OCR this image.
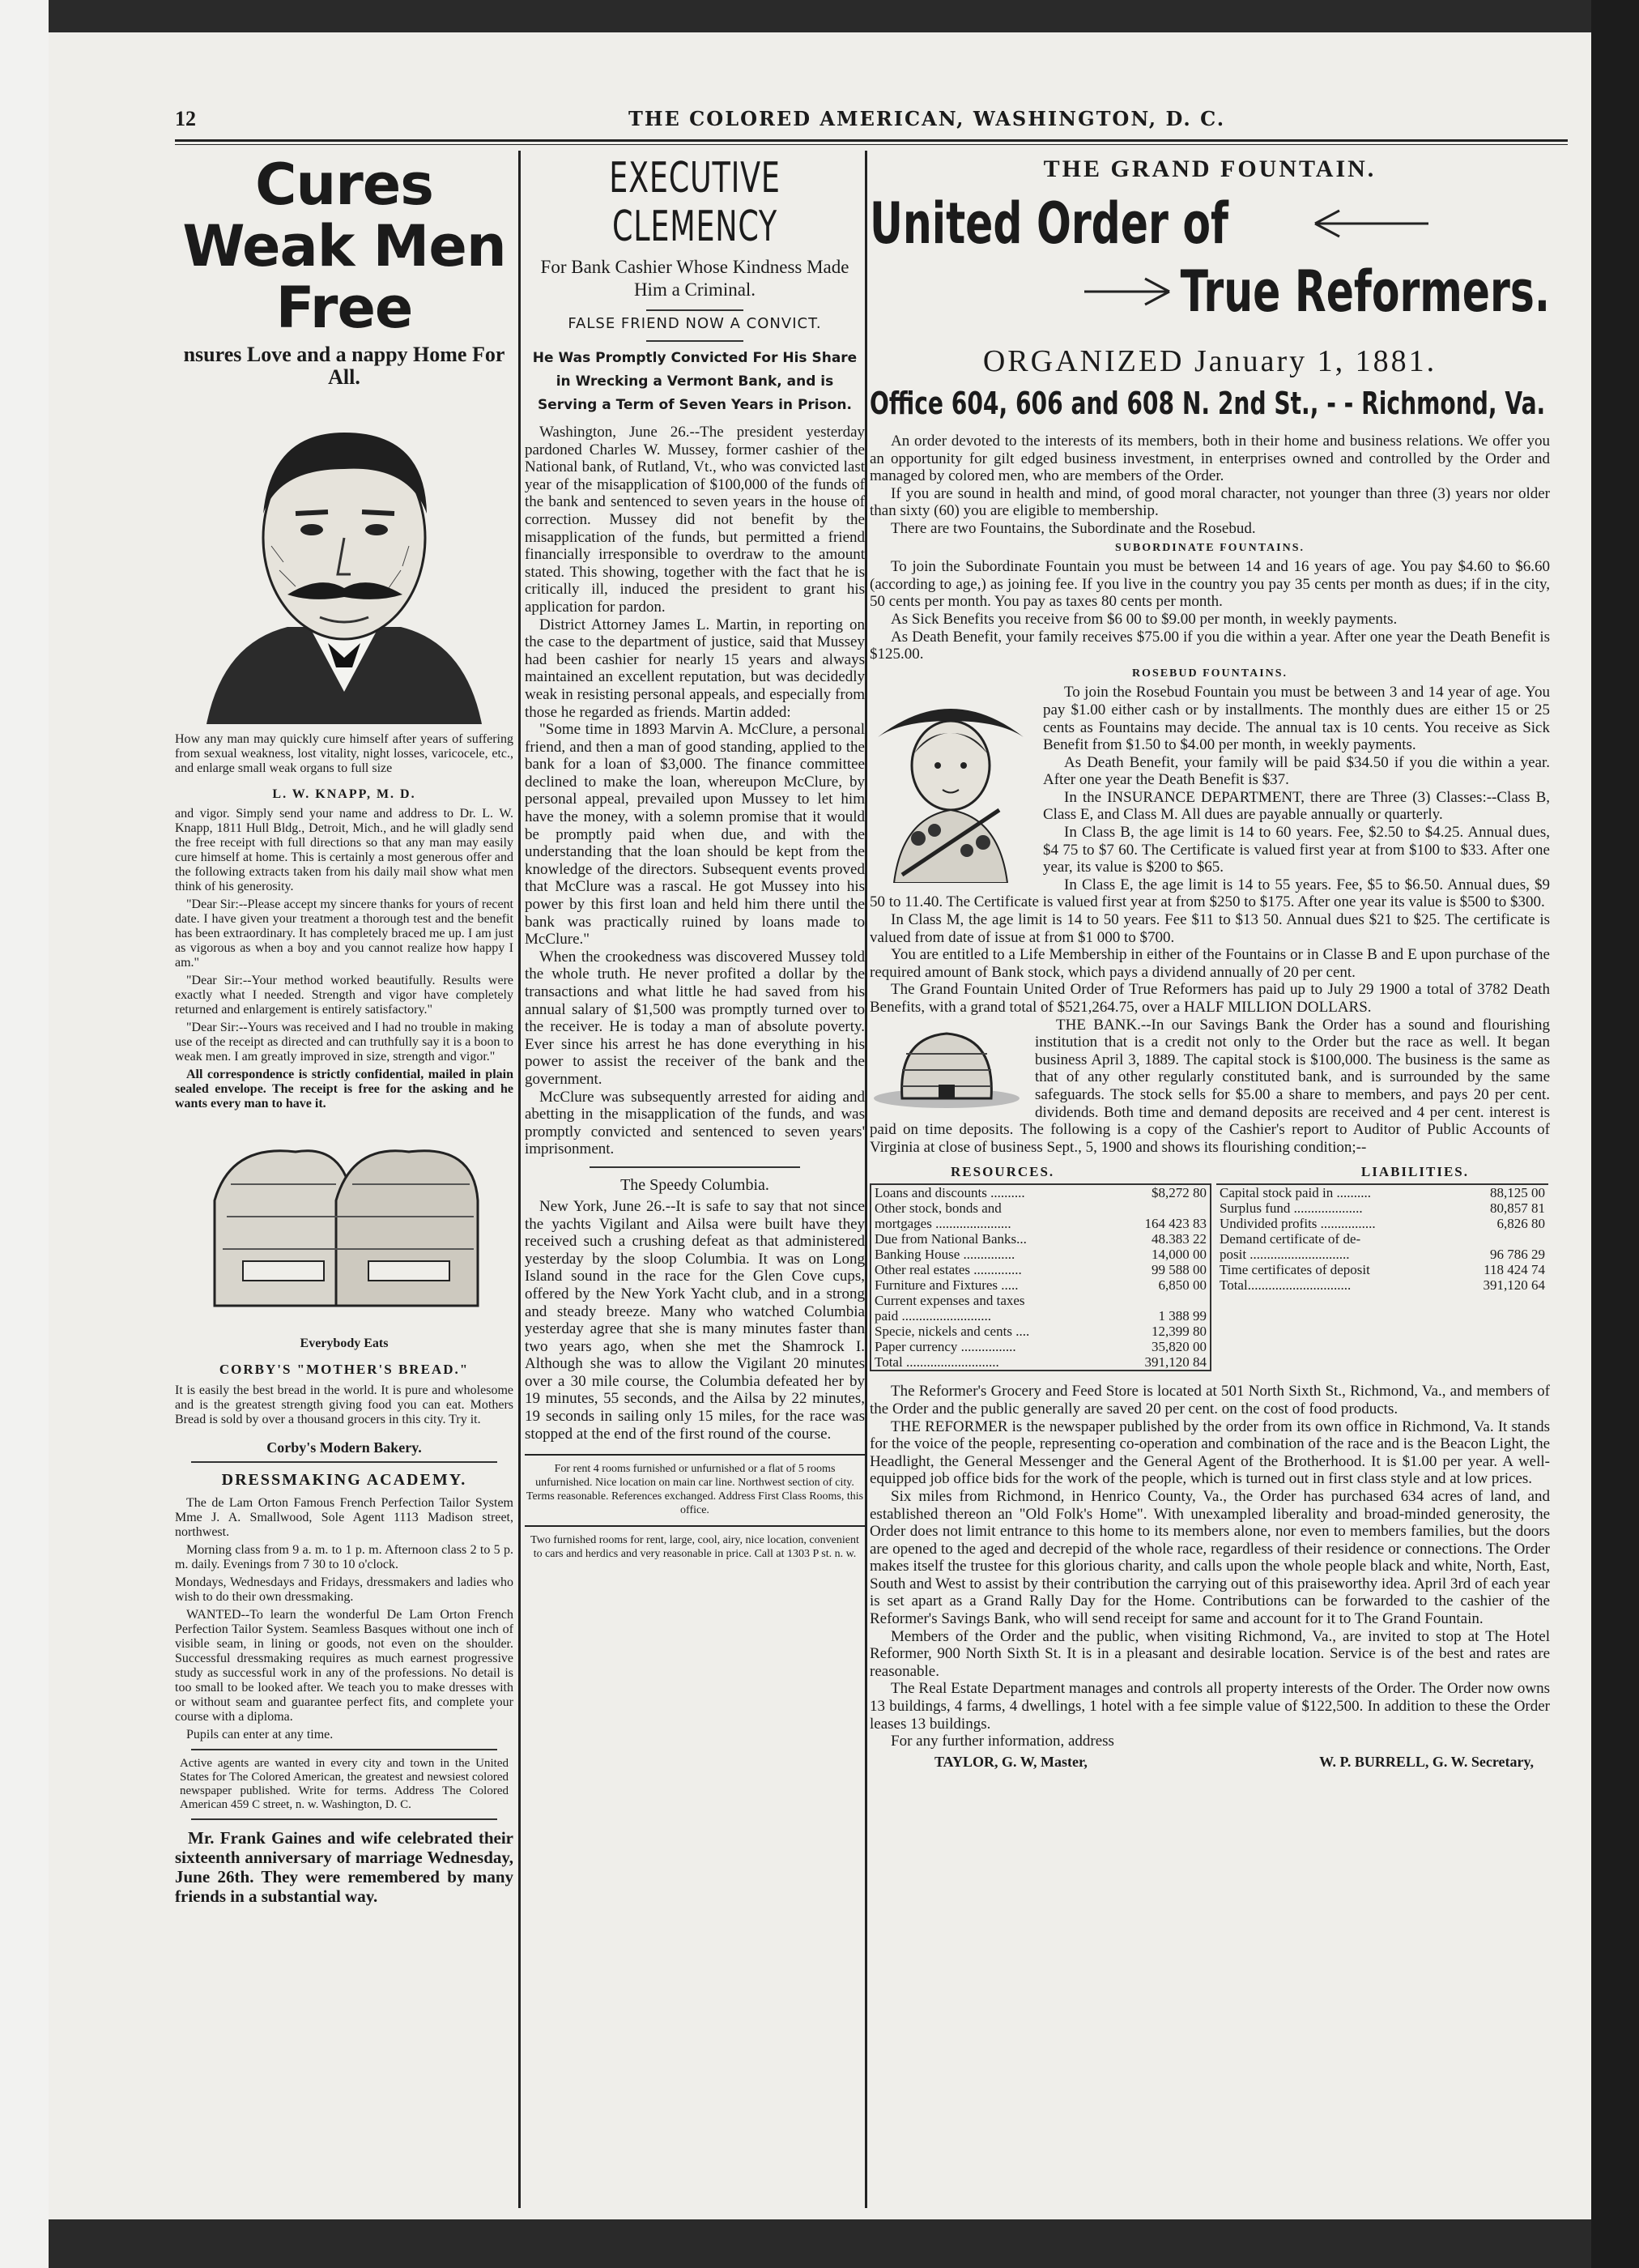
12	THE COLORED AMERICAN, WASHINGTON, D. C.
Cures
Weak Men
Free
nsures Love and a nappy Home For All.
How any man may quickly cure himself after years of suffering from sexual weakness, lost vitality, night losses, varicocele, etc., and enlarge small weak organs to full size
L. W. KNAPP, M. D.

and vigor. Simply send your name and address to Dr. L. W. Knapp, 1811 Hull Bldg., Detroit, Mich., and he will gladly send the free receipt with full directions so that any man may easily cure himself at home. This is certainly a most generous offer and the following extracts taken from his daily mail show what men think of his generosity.

"Dear Sir:--Please accept my sincere thanks for yours of recent date. I have given your treatment a thorough test and the benefit has been extraordinary. It has completely braced me up. I am just as vigorous as when a boy and you cannot realize how happy I am."

"Dear Sir:--Your method worked beautifully. Results were exactly what I needed. Strength and vigor have completely returned and enlargement is entirely satisfactory."

"Dear Sir:--Yours was received and I had no trouble in making use of the receipt as directed and can truthfully say it is a boon to weak men. I am greatly improved in size, strength and vigor."

All correspondence is strictly confidential, mailed in plain sealed envelope. The receipt is free for the asking and he wants every man to have it.

Everybody Eats
CORBY'S "MOTHER'S BREAD."
It is easily the best bread in the world. It is pure and wholesome and is the greatest strength giving food you can eat. Mothers Bread is sold by over a thousand grocers in this city. Try it.
Corby's Modern Bakery.
DRESSMAKING ACADEMY.

The de Lam Orton Famous French Perfection Tailor System Mme J. A. Smallwood, Sole Agent 1113 Madison street, northwest.

Morning class from 9 a. m. to 1 p. m. Afternoon class 2 to 5 p. m. daily. Evenings from 7 30 to 10 o'clock.

Mondays, Wednesdays and Fridays, dressmakers and ladies who wish to do their own dressmaking.

WANTED--To learn the wonderful De Lam Orton French Perfection Tailor System. Seamless Basques without one inch of visible seam, in lining or goods, not even on the shoulder. Successful dressmaking requires as much earnest progressive study as successful work in any of the professions. No detail is too small to be looked after. We teach you to make dresses with or without seam and guarantee perfect fits, and complete your course with a diploma.

Pupils can enter at any time.

Active agents are wanted in every city and town in the United States for The Colored American, the greatest and newsiest colored newspaper published. Write for terms. Address The Colored American 459 C street, n. w. Washington, D. C.
Mr. Frank Gaines and wife celebrated their sixteenth anniversary of marriage Wednesday, June 26th. They were remembered by many friends in a substantial way.
EXECUTIVE CLEMENCY
For Bank Cashier Whose Kindness Made Him a Criminal.
FALSE FRIEND NOW A CONVICT.
He Was Promptly Convicted For His Share in Wrecking a Vermont Bank, and is Serving a Term of Seven Years in Prison.

Washington, June 26.--The president yesterday pardoned Charles W. Mussey, former cashier of the National bank, of Rutland, Vt., who was convicted last year of the misapplication of $100,000 of the funds of the bank and sentenced to seven years in the house of correction. Mussey did not benefit by the misapplication of the funds, but permitted a friend financially irresponsible to overdraw to the amount stated. This showing, together with the fact that he is critically ill, induced the president to grant his application for pardon.

District Attorney James L. Martin, in reporting on the case to the department of justice, said that Mussey had been cashier for nearly 15 years and always maintained an excellent reputation, but was decidedly weak in resisting personal appeals, and especially from those he regarded as friends. Martin added:

"Some time in 1893 Marvin A. McClure, a personal friend, and then a man of good standing, applied to the bank for a loan of $3,000. The finance committee declined to make the loan, whereupon McClure, by personal appeal, prevailed upon Mussey to let him have the money, with a solemn promise that it would be promptly paid when due, and with the understanding that the loan should be kept from the knowledge of the directors. Subsequent events proved that McClure was a rascal. He got Mussey into his power by this first loan and held him there until the bank was practically ruined by loans made to McClure."

When the crookedness was discovered Mussey told the whole truth. He never profited a dollar by the transactions and what little he had saved from his annual salary of $1,500 was promptly turned over to the receiver. He is today a man of absolute poverty. Ever since his arrest he has done everything in his power to assist the receiver of the bank and the government.

McClure was subsequently arrested for aiding and abetting in the misapplication of the funds, and was promptly convicted and sentenced to seven years' imprisonment.

The Speedy Columbia.

New York, June 26.--It is safe to say that not since the yachts Vigilant and Ailsa were built have they received such a crushing defeat as that administered yesterday by the sloop Columbia. It was on Long Island sound in the race for the Glen Cove cups, offered by the New York Yacht club, and in a strong and steady breeze. Many who watched Columbia yesterday agree that she is many minutes faster than two years ago, when she met the Shamrock I. Although she was to allow the Vigilant 20 minutes over a 30 mile course, the Columbia defeated her by 19 minutes, 55 seconds, and the Ailsa by 22 minutes, 19 seconds in sailing only 15 miles, for the race was stopped at the end of the first round of the course.

For rent 4 rooms furnished or unfurnished or a flat of 5 rooms unfurnished. Nice location on main car line. Northwest section of city. Terms reasonable. References exchanged. Address First Class Rooms, this office.
Two furnished rooms for rent, large, cool, airy, nice location, convenient to cars and herdics and very reasonable in price. Call at 1303 P st. n. w.
THE GRAND FOUNTAIN.
United Order of
True Reformers.
ORGANIZED January 1, 1881.
Office 604, 606 and 608 N. 2nd St., - - Richmond, Va.

An order devoted to the interests of its members, both in their home and business relations. We offer you an opportunity for gilt edged business investment, in enterprises owned and controlled by the Order and managed by colored men, who are members of the Order.

If you are sound in health and mind, of good moral character, not younger than three (3) years nor older than sixty (60) you are eligible to membership.

There are two Fountains, the Subordinate and the Rosebud.

SUBORDINATE FOUNTAINS.

To join the Subordinate Fountain you must be between 14 and 16 years of age. You pay $4.60 to $6.60 (according to age,) as joining fee. If you live in the country you pay 35 cents per month as dues; if in the city, 50 cents per month. You pay as taxes 80 cents per month.

As Sick Benefits you receive from $6 00 to $9.00 per month, in weekly payments.

As Death Benefit, your family receives $75.00 if you die within a year. After one year the Death Benefit is $125.00.

ROSEBUD FOUNTAINS.

To join the Rosebud Fountain you must be between 3 and 14 year of age. You pay $1.00 either cash or by installments. The monthly dues are either 15 or 25 cents as Fountains may decide. The annual tax is 10 cents. You receive as Sick Benefit from $1.50 to $4.00 per month, in weekly payments.

As Death Benefit, your family will be paid $34.50 if you die within a year. After one year the Death Benefit is $37.

In the INSURANCE DEPARTMENT, there are Three (3) Classes:--Class B, Class E, and Class M. All dues are payable annually or quarterly.

In Class B, the age limit is 14 to 60 years. Fee, $2.50 to $4.25. Annual dues, $4 75 to $7 60. The Certificate is valued first year at from $100 to $33. After one year, its value is $200 to $65.

In Class E, the age limit is 14 to 55 years. Fee, $5 to $6.50. Annual dues, $9 50 to 11.40. The Certificate is valued first year at from $250 to $175. After one year its value is $500 to $300.

In Class M, the age limit is 14 to 50 years. Fee $11 to $13 50. Annual dues $21 to $25. The certificate is valued from date of issue at from $1 000 to $700.

You are entitled to a Life Membership in either of the Fountains or in Classe B and E upon purchase of the required amount of Bank stock, which pays a dividend annually of 20 per cent.

The Grand Fountain United Order of True Reformers has paid up to July 29 1900 a total of 3782 Death Benefits, with a grand total of $521,264.75, over a HALF MILLION DOLLARS.

THE BANK.--In our Savings Bank the Order has a sound and flourishing institution that is a credit not only to the Order but the race as well. It began business April 3, 1889. The capital stock is $100,000. The business is the same as that of any other regularly constituted bank, and is surrounded by the same safeguards. The stock sells for $5.00 a share to members, and pays 20 per cent. dividends. Both time and demand deposits are received and 4 per cent. interest is paid on time deposits. The following is a copy of the Cashier's report to Auditor of Public Accounts of Virginia at close of business Sept., 5, 1900 and shows its flourishing condition;--

RESOURCES.	LIABILITIES.
Loans and discounts ..........	$8,272 80
Other stock, bonds and	
mortgages ......................	164 423 83
Due from National Banks...	48.383 22
Banking House ...............	14,000 00
Other real estates ..............	99 588 00
Furniture and Fixtures .....	6,850 00
Current expenses and taxes	
paid ..........................	1 388 99
Specie, nickels and cents ....	12,399 80
Paper currency ................	35,820 00

Total ...........................	391,120 84
Capital stock paid in ..........	88,125 00
Surplus fund ....................	80,857 81
Undivided profits ................	6,826 80
Demand certificate of de-	
posit .............................	96 786 29
Time certificates of deposit	118 424 74

Total..............................	391,120 64

The Reformer's Grocery and Feed Store is located at 501 North Sixth St., Richmond, Va., and members of the Order and the public generally are saved 20 per cent. on the cost of food products.

THE REFORMER is the newspaper published by the order from its own office in Richmond, Va. It stands for the voice of the people, representing co-operation and combination of the race and is the Beacon Light, the Headlight, the General Messenger and the General Agent of the Brotherhood. It is $1.00 per year. A well-equipped job office bids for the work of the people, which is turned out in first class style and at low prices.

Six miles from Richmond, in Henrico County, Va., the Order has purchased 634 acres of land, and established thereon an "Old Folk's Home". With unexampled liberality and broad-minded generosity, the Order does not limit entrance to this home to its members alone, nor even to members families, but the doors are opened to the aged and decrepid of the whole race, regardless of their residence or connections. The Order makes itself the trustee for this glorious charity, and calls upon the whole people black and white, North, East, South and West to assist by their contribution the carrying out of this praiseworthy idea. April 3rd of each year is set apart as a Grand Rally Day for the Home. Contributions can be forwarded to the cashier of the Reformer's Savings Bank, who will send receipt for same and account for it to The Grand Fountain.

Members of the Order and the public, when visiting Richmond, Va., are invited to stop at The Hotel Reformer, 900 North Sixth St. It is in a pleasant and desirable location. Service is of the best and rates are reasonable.

The Real Estate Department manages and controls all property interests of the Order. The Order now owns 13 buildings, 4 farms, 4 dwellings, 1 hotel with a fee simple value of $122,500. In addition to these the Order leases 13 buildings.

For any further information, address

TAYLOR, G. W, Master,	W. P. BURRELL, G. W. Secretary,
